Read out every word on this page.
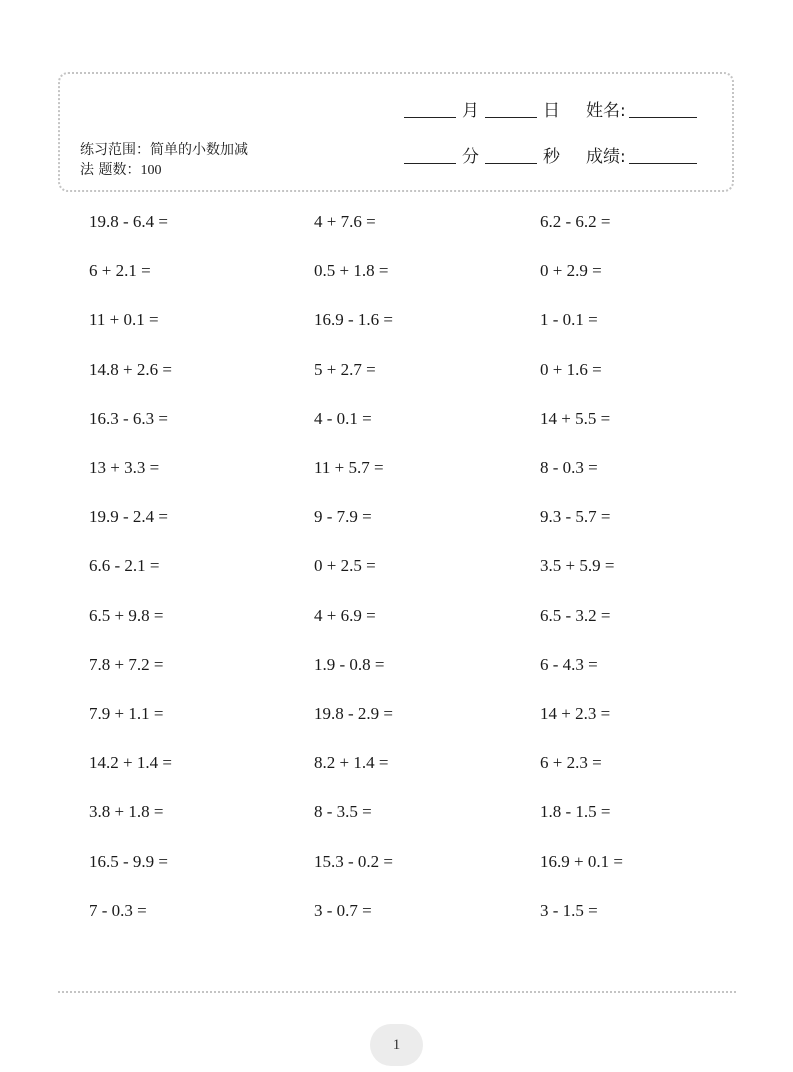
练习范围：简单的小数加减
法 题数：100
月	日 姓名:
分	秒 成绩:
19.8 - 6.4 =	4 + 7.6 =	6.2 - 6.2 =
6 + 2.1 =	0.5 + 1.8 =	0 + 2.9 =
11 + 0.1 =	16.9 - 1.6 =	1 - 0.1 =
14.8 + 2.6 =	5 + 2.7 =	0 + 1.6 =
16.3 - 6.3 =	4 - 0.1 =	14 + 5.5 =
13 + 3.3 =	11 + 5.7 =	8 - 0.3 =
19.9 - 2.4 =	9 - 7.9 =	9.3 - 5.7 =
6.6 - 2.1 =	0 + 2.5 =	3.5 + 5.9 =
6.5 + 9.8 =	4 + 6.9 =	6.5 - 3.2 =
7.8 + 7.2 =	1.9 - 0.8 =	6 - 4.3 =
7.9 + 1.1 =	19.8 - 2.9 =	14 + 2.3 =
14.2 + 1.4 =	8.2 + 1.4 =	6 + 2.3 =
3.8 + 1.8 =	8 - 3.5 =	1.8 - 1.5 =
16.5 - 9.9 =	15.3 - 0.2 =	16.9 + 0.1 =
7 - 0.3 =	3 - 0.7 =	3 - 1.5 =
1
